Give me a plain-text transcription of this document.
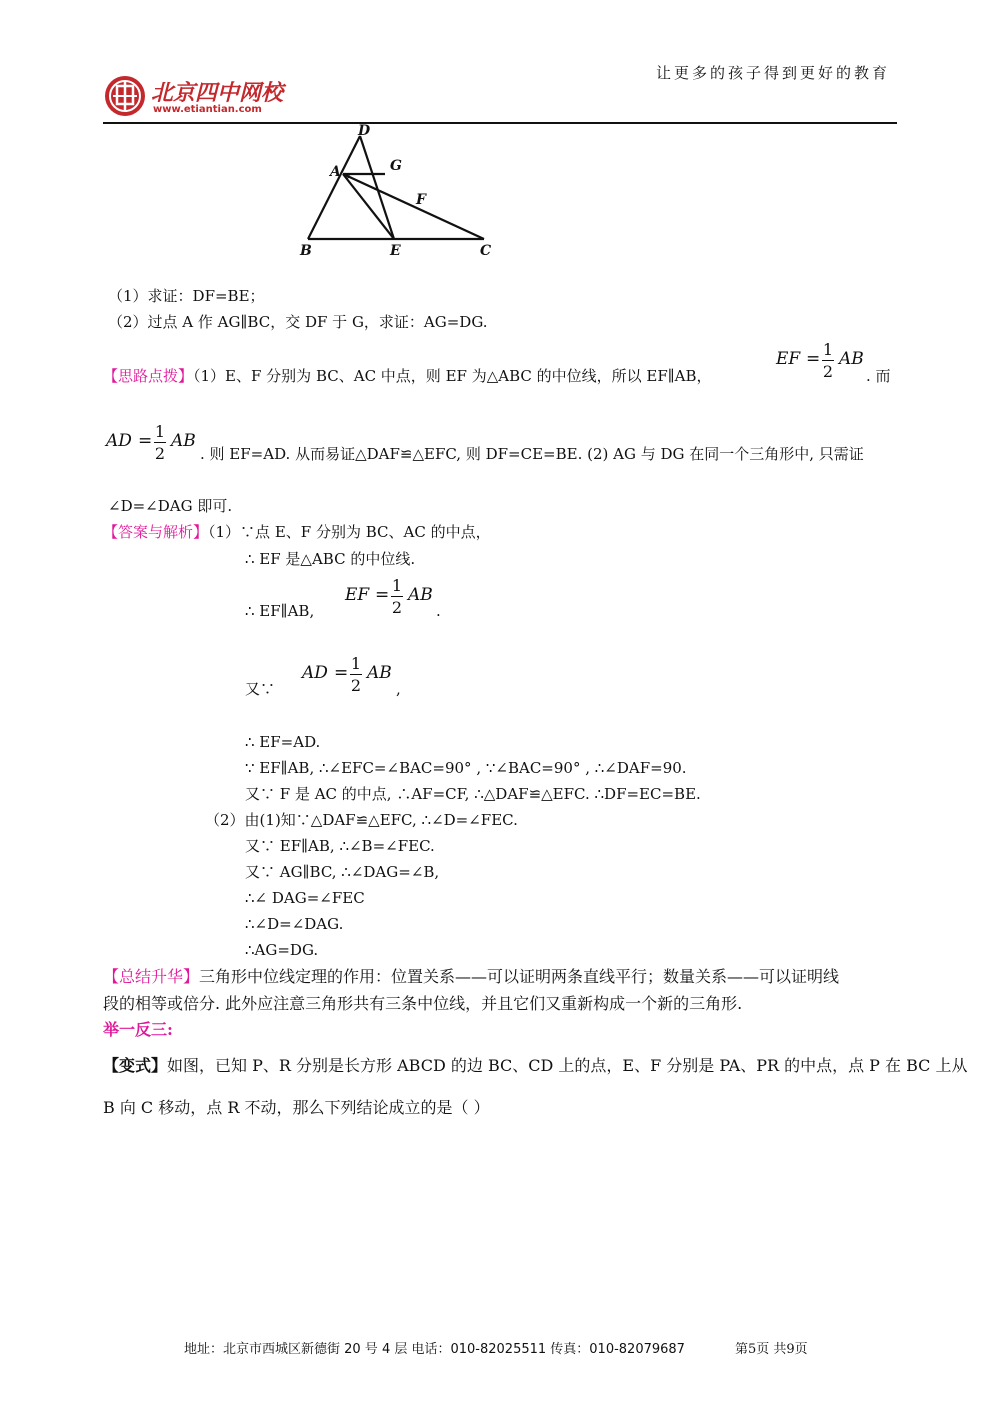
北京四中网校
www.etiantian.com
让更多的孩子得到更好的教育
D
A	G
F
B	E	C
（1）求证：DF=BE；
（2）过点 A 作 AG∥BC，交 DF 于 G，求证：AG=DG.
【思路点拨】（1）E、F 分别为 BC、AC 中点，则 EF 为△ABC 的中位线，所以 EF∥AB，
EF = 1
2
AB
. 而
AD = 1
2
AB
. 则 EF=AD. 从而易证△DAF≌△EFC, 则 DF=CE=BE. (2) AG 与 DG 在同一个三角形中, 只需证
∠D=∠DAG 即可.
【答案与解析】（1）∵点 E、F 分别为 BC、AC 的中点，
∴ EF 是△ABC 的中位线.
∴ EF∥AB,
EF = 1
2
AB
.
又∵
AD = 1
2
AB
,
∴ EF=AD.
∵ EF∥AB, ∴∠EFC=∠BAC=90° , ∵∠BAC=90° , ∴∠DAF=90.
又∵ F 是 AC 的中点, ∴AF=CF, ∴△DAF≌△EFC. ∴DF=EC=BE.
（2）由(1)知∵△DAF≌△EFC, ∴∠D=∠FEC.
又∵ EF∥AB, ∴∠B=∠FEC.
又∵ AG∥BC, ∴∠DAG=∠B,
∴∠ DAG=∠FEC
∴∠D=∠DAG.
∴AG=DG.
【总结升华】三角形中位线定理的作用：位置关系——可以证明两条直线平行；数量关系——可以证明线
段的相等或倍分. 此外应注意三角形共有三条中位线，并且它们又重新构成一个新的三角形.
举一反三:
【变式】如图，已知 P、R 分别是长方形 ABCD 的边 BC、CD 上的点，E、F 分别是 PA、PR 的中点，点 P 在 BC 上从
B 向 C 移动，点 R 不动，那么下列结论成立的是（ ）
地址：北京市西城区新德街 20 号 4 层 电话：010-82025511 传真：010-82079687	第5页 共9页
